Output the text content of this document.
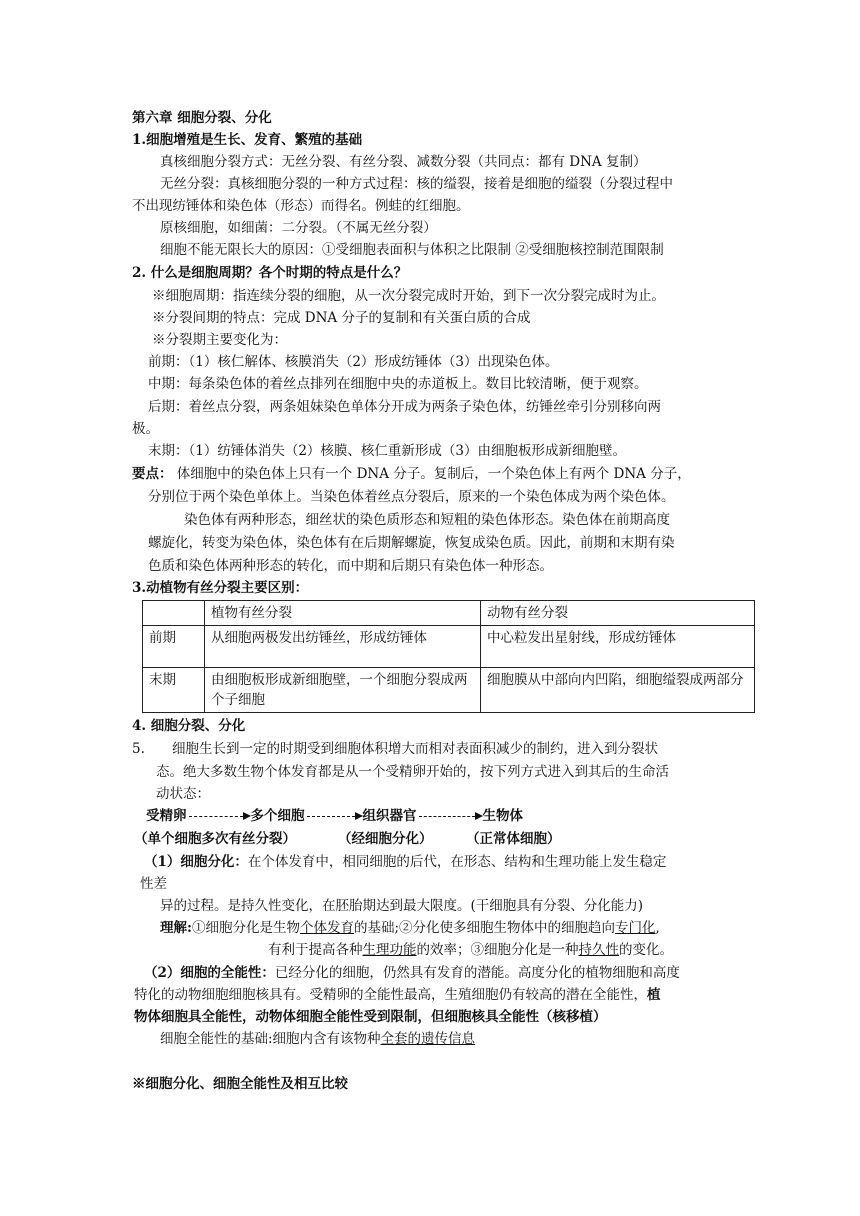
第六章 细胞分裂、分化
1.细胞增殖是生长、发育、繁殖的基础
真核细胞分裂方式：无丝分裂、有丝分裂、减数分裂（共同点：都有 DNA 复制）
无丝分裂：真核细胞分裂的一种方式过程：核的缢裂，接着是细胞的缢裂（分裂过程中
不出现纺锤体和染色体（形态）而得名。例蛙的红细胞。
原核细胞，如细菌：二分裂。（不属无丝分裂）
细胞不能无限长大的原因：①受细胞表面积与体积之比限制 ②受细胞核控制范围限制
2. 什么是细胞周期？各个时期的特点是什么？
※细胞周期：指连续分裂的细胞，从一次分裂完成时开始，到下一次分裂完成时为止。
※分裂间期的特点：完成 DNA 分子的复制和有关蛋白质的合成
※分裂期主要变化为：
前期：（1）核仁解体、核膜消失（2）形成纺锤体（3）出现染色体。
中期：每条染色体的着丝点排列在细胞中央的赤道板上。数目比较清晰，便于观察。
后期：着丝点分裂，两条姐妹染色单体分开成为两条子染色体，纺锤丝牵引分别移向两
极。
末期：（1）纺锤体消失（2）核膜、核仁重新形成（3）由细胞板形成新细胞壁。
要点： 体细胞中的染色体上只有一个 DNA 分子。复制后，一个染色体上有两个 DNA 分子，
分别位于两个染色单体上。当染色体着丝点分裂后，原来的一个染色体成为两个染色体。
染色体有两种形态，细丝状的染色质形态和短粗的染色体形态。染色体在前期高度
螺旋化，转变为染色体，染色体有在后期解螺旋，恢复成染色质。因此，前期和末期有染
色质和染色体两种形态的转化，而中期和后期只有染色体一种形态。
3.动植物有丝分裂主要区别：
	植物有丝分裂	动物有丝分裂
前期	从细胞两极发出纺锤丝，形成纺锤体	中心粒发出星射线，形成纺锤体
末期	由细胞板形成新细胞壁，一个细胞分裂成两个子细胞	细胞膜从中部向内凹陷，细胞缢裂成两部分
4. 细胞分裂、分化
5. 细胞生长到一定的时期受到细胞体积增大而相对表面积减少的制约，进入到分裂状
态。绝大多数生物个体发育都是从一个受精卵开始的，按下列方式进入到其后的生命活
动状态：
受精卵	多个细胞	组织器官	生物体
（单个细胞多次有丝分裂）	（经细胞分化） （正常体细胞）
（1）细胞分化：在个体发育中，相同细胞的后代，在形态、结构和生理功能上发生稳定
性差
异的过程。是持久性变化，在胚胎期达到最大限度。(干细胞具有分裂、分化能力)
理解:①细胞分化是生物个体发育的基础;②分化使多细胞生物体中的细胞趋向专门化,
有利于提高各种生理功能的效率；③细胞分化是一种持久性的变化。
（2）细胞的全能性：已经分化的细胞，仍然具有发育的潜能。高度分化的植物细胞和高度
特化的动物细胞细胞核具有。受精卵的全能性最高，生殖细胞仍有较高的潜在全能性，植
物体细胞具全能性，动物体细胞全能性受到限制，但细胞核具全能性（核移植）
细胞全能性的基础:细胞内含有该物种全套的遗传信息
※细胞分化、细胞全能性及相互比较
